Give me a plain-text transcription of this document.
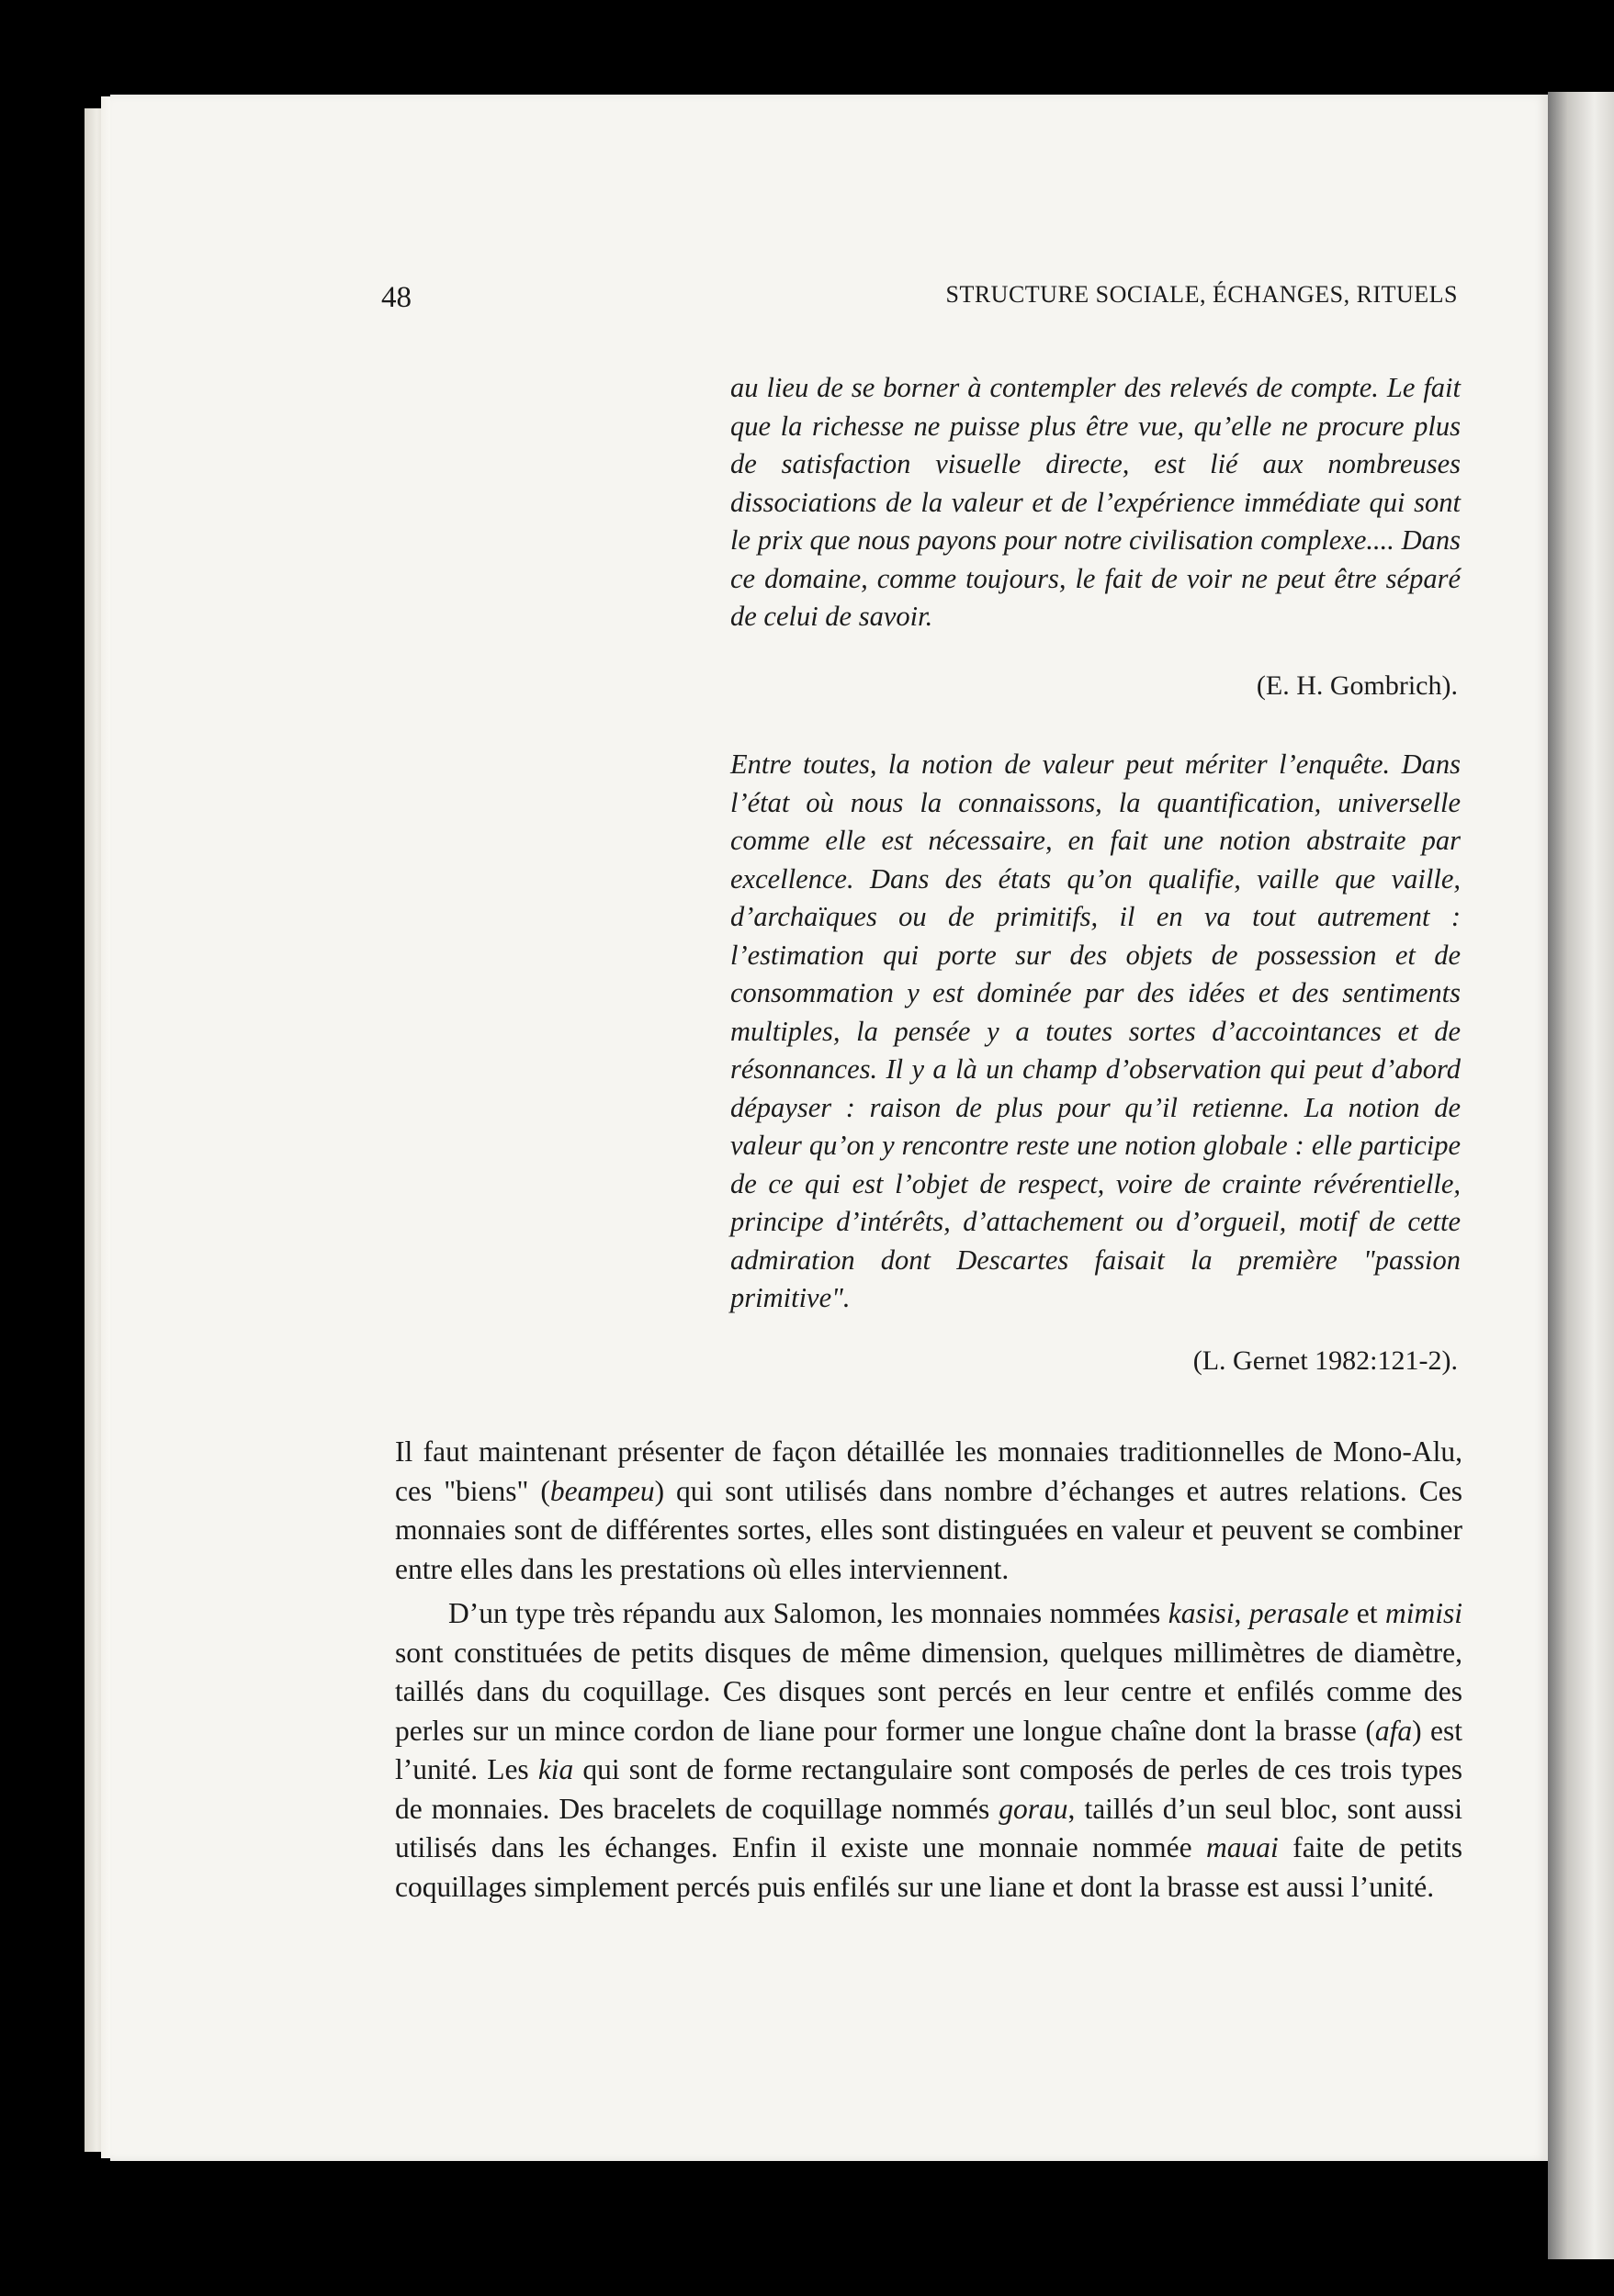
48	STRUCTURE SOCIALE, ÉCHANGES, RITUELS

au lieu de se borner à contempler des relevés de compte. Le fait que la richesse ne puisse plus être vue, qu’elle ne procure plus de satisfaction visuelle directe, est lié aux nombreuses dissociations de la valeur et de l’expérience immédiate qui sont le prix que nous payons pour notre civilisation complexe.... Dans ce domaine, comme toujours, le fait de voir ne peut être séparé de celui de savoir.

(E. H. Gombrich).

Entre toutes, la notion de valeur peut mériter l’enquête. Dans l’état où nous la connaissons, la quantification, universelle comme elle est nécessaire, en fait une notion abstraite par excellence. Dans des états qu’on qualifie, vaille que vaille, d’archaïques ou de primitifs, il en va tout autrement : l’estimation qui porte sur des objets de possession et de consommation y est dominée par des idées et des sentiments multiples, la pensée y a toutes sortes d’accointances et de résonnances. Il y a là un champ d’observation qui peut d’abord dépayser : raison de plus pour qu’il retienne. La notion de valeur qu’on y rencontre reste une notion globale : elle participe de ce qui est l’objet de respect, voire de crainte révérentielle, principe d’intérêts, d’attachement ou d’orgueil, motif de cette admiration dont Descartes faisait la première "passion primitive".

(L. Gernet 1982:121-2).

Il faut maintenant présenter de façon détaillée les monnaies traditionnelles de Mono-Alu, ces "biens" (beampeu) qui sont utilisés dans nombre d’échanges et autres relations. Ces monnaies sont de différentes sortes, elles sont distinguées en valeur et peuvent se combiner entre elles dans les prestations où elles interviennent.

D’un type très répandu aux Salomon, les monnaies nommées kasisi, perasale et mimisi sont constituées de petits disques de même dimension, quelques millimètres de diamètre, taillés dans du coquillage. Ces disques sont percés en leur centre et enfilés comme des perles sur un mince cordon de liane pour former une longue chaîne dont la brasse (afa) est l’unité. Les kia qui sont de forme rectangulaire sont composés de perles de ces trois types de monnaies. Des bracelets de coquillage nommés gorau, taillés d’un seul bloc, sont aussi utilisés dans les échanges. Enfin il existe une monnaie nommée mauai faite de petits coquillages simplement percés puis enfilés sur une liane et dont la brasse est aussi l’unité.
